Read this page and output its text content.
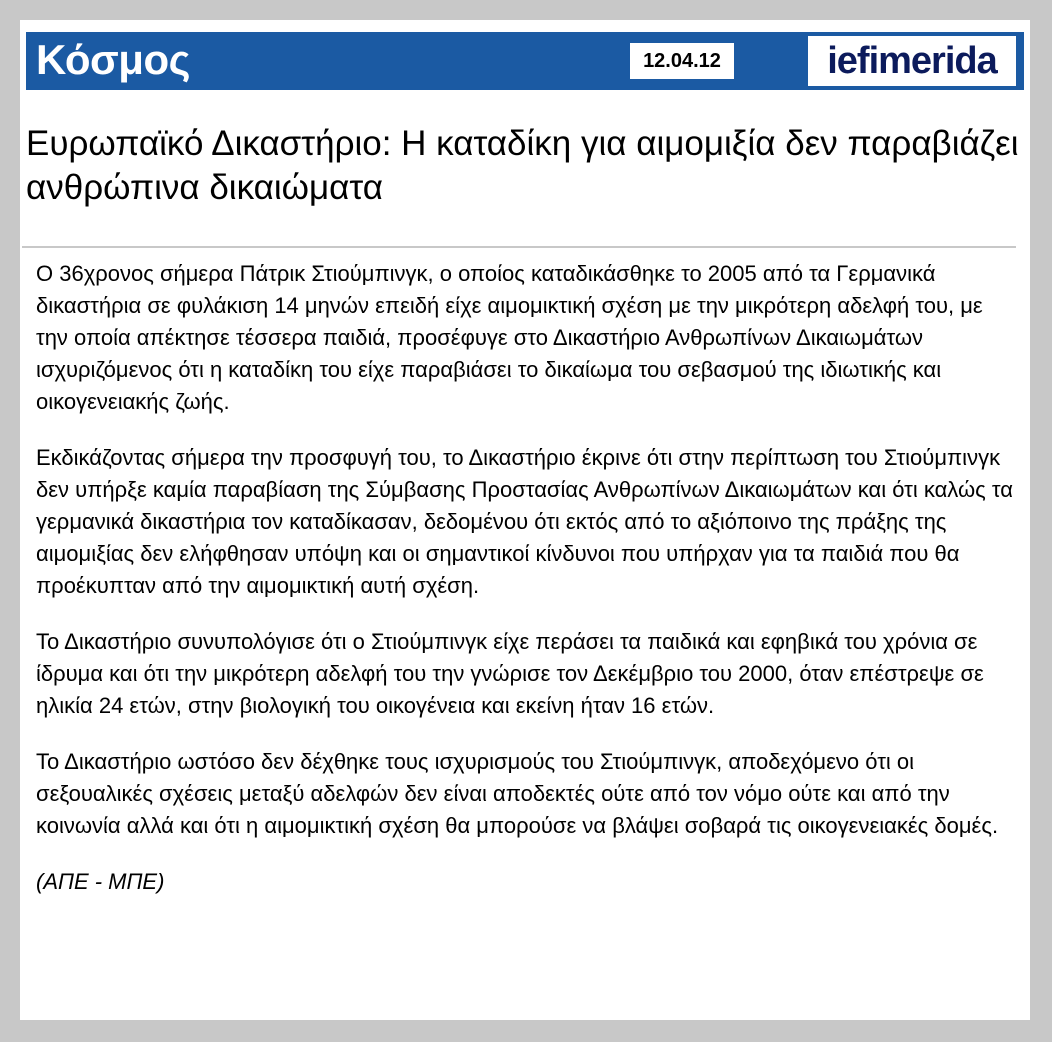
Κόσμος	12.04.12	iefimerida
Ευρωπαϊκό Δικαστήριο: Η καταδίκη για αιμομιξία δεν παραβιάζει ανθρώπινα δικαιώματα

Ο 36χρονος σήμερα Πάτρικ Στιούμπινγκ, ο οποίος καταδικάσθηκε το 2005 από τα Γερμανικά δικαστήρια σε φυλάκιση 14 μηνών επειδή είχε αιμομικτική σχέση με την μικρότερη αδελφή του, με την οποία απέκτησε τέσσερα παιδιά, προσέφυγε στο Δικαστήριο Ανθρωπίνων Δικαιωμάτων ισχυριζόμενος ότι η καταδίκη του είχε παραβιάσει το δικαίωμα του σεβασμού της ιδιωτικής και οικογενειακής ζωής.

Εκδικάζοντας σήμερα την προσφυγή του, το Δικαστήριο έκρινε ότι στην περίπτωση του Στιούμπινγκ δεν υπήρξε καμία παραβίαση της Σύμβασης Προστασίας Ανθρωπίνων Δικαιωμάτων και ότι καλώς τα γερμανικά δικαστήρια τον καταδίκασαν, δεδομένου ότι εκτός από το αξιόποινο της πράξης της αιμομιξίας δεν ελήφθησαν υπόψη και οι σημαντικοί κίνδυνοι που υπήρχαν για τα παιδιά που θα προέκυπταν από την αιμομικτική αυτή σχέση.

Το Δικαστήριο συνυπολόγισε ότι ο Στιούμπινγκ είχε περάσει τα παιδικά και εφηβικά του χρόνια σε ίδρυμα και ότι την μικρότερη αδελφή του την γνώρισε τον Δεκέμβριο του 2000, όταν επέστρεψε σε ηλικία 24 ετών, στην βιολογική του οικογένεια και εκείνη ήταν 16 ετών.

Το Δικαστήριο ωστόσο δεν δέχθηκε τους ισχυρισμούς του Στιούμπινγκ, αποδεχόμενο ότι οι σεξουαλικές σχέσεις μεταξύ αδελφών δεν είναι αποδεκτές ούτε από τον νόμο ούτε και από την κοινωνία αλλά και ότι η αιμομικτική σχέση θα μπορούσε να βλάψει σοβαρά τις οικογενειακές δομές.

(ΑΠΕ - ΜΠΕ)
